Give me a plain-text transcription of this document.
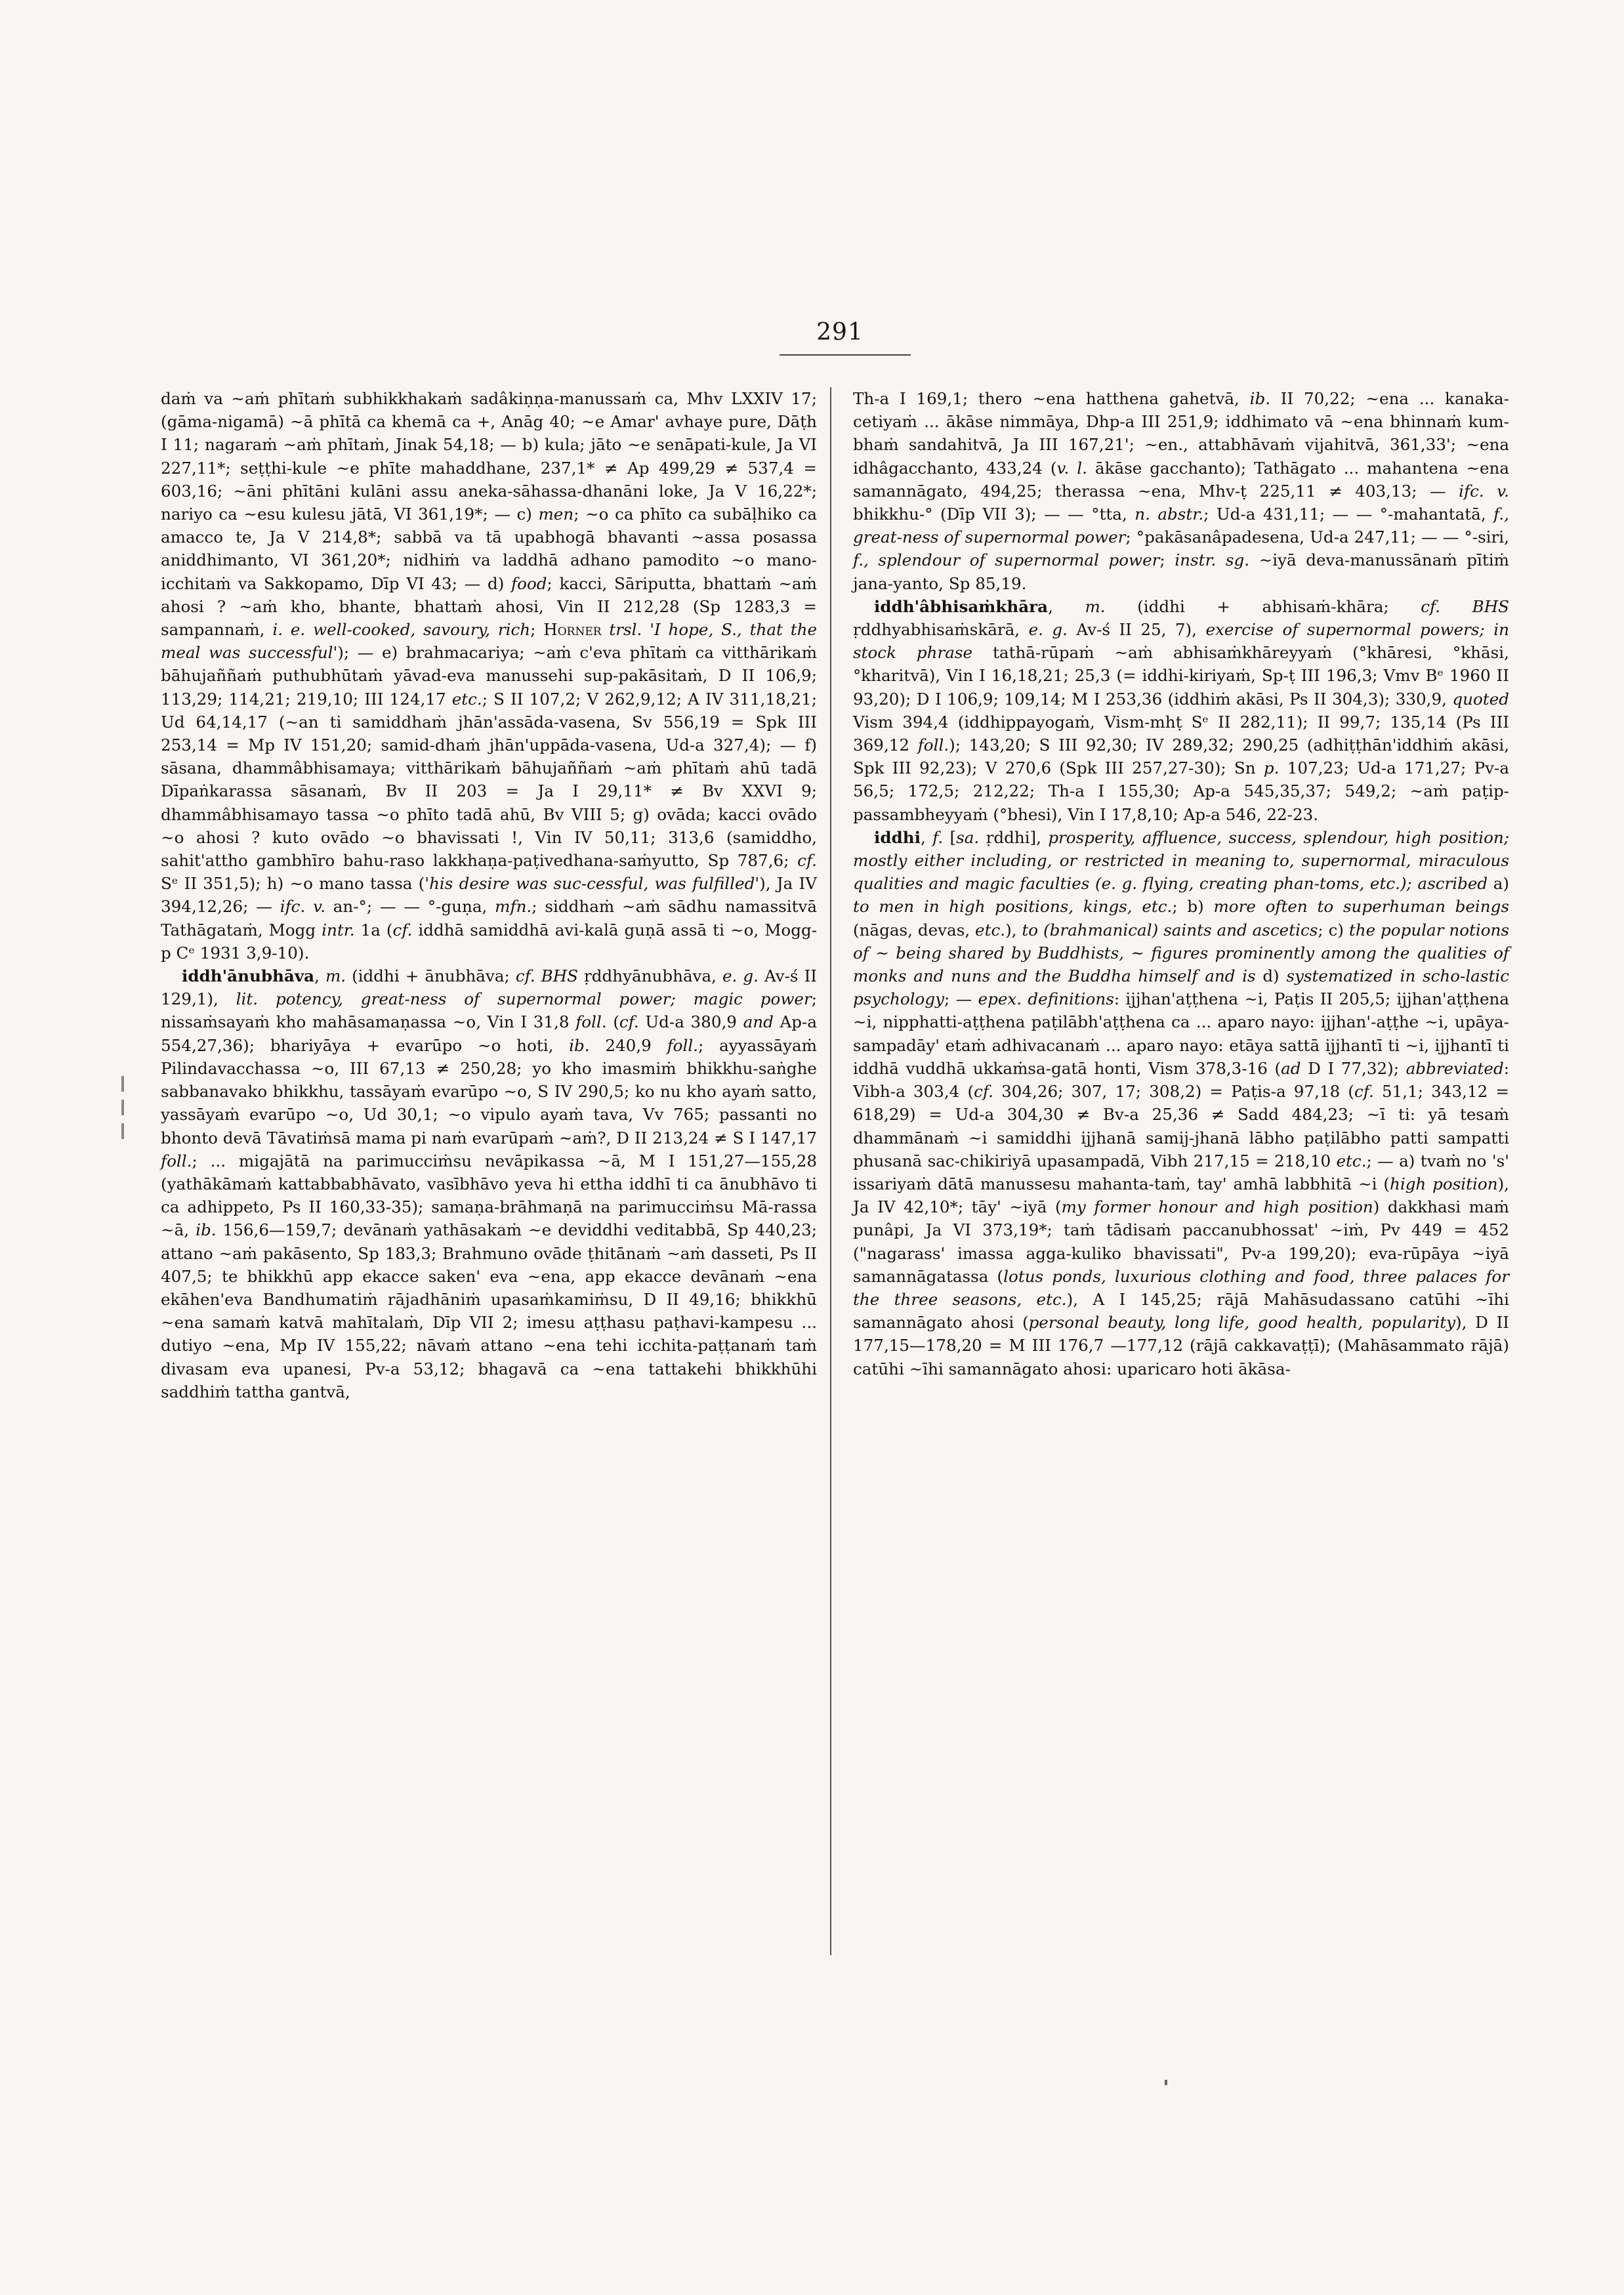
291

daṁ va ~aṁ phītaṁ subhikkhakaṁ sadâkiṇṇa-manussaṁ ca, Mhv LXXIV 17; (gāma-nigamā) ~ā phītā ca khemā ca +, Anāg 40; ~e Amar' avhaye pure, Dāṭh I 11; nagaraṁ ~aṁ phītaṁ, Jinak 54,18; — b) kula; jāto ~e senāpati-kule, Ja VI 227,11*; seṭṭhi-kule ~e phīte mahaddhane, 237,1* ≠ Ap 499,29 ≠ 537,4 = 603,16; ~āni phītāni kulāni assu aneka-sāhassa-dhanāni loke, Ja V 16,22*; nariyo ca ~esu kulesu jātā, VI 361,19*; — c) men; ~o ca phīto ca subāḷhiko ca amacco te, Ja V 214,8*; sabbā va tā upabhogā bhavanti ~assa posassa aniddhimanto, VI 361,20*; nidhiṁ va laddhā adhano pamodito ~o mano-icchitaṁ va Sakkopamo, Dīp VI 43; — d) food; kacci, Sāriputta, bhattaṁ ~aṁ ahosi ? ~aṁ kho, bhante, bhattaṁ ahosi, Vin II 212,28 (Sp 1283,3 = sampannaṁ, i. e. well-cooked, savoury, rich; Horner trsl. 'I hope, S., that the meal was successful'); — e) brahmacariya; ~aṁ c'eva phītaṁ ca vitthārikaṁ bāhujaññaṁ puthubhūtaṁ yāvad-eva manussehi sup-pakāsitaṁ, D II 106,9; 113,29; 114,21; 219,10; III 124,17 etc.; S II 107,2; V 262,9,12; A IV 311,18,21; Ud 64,14,17 (~an ti samiddhaṁ jhān'assāda-vasena, Sv 556,19 = Spk III 253,14 = Mp IV 151,20; samid-dhaṁ jhān'uppāda-vasena, Ud-a 327,4); — f) sāsana, dhammâbhisamaya; vitthārikaṁ bāhujaññaṁ ~aṁ phītaṁ ahū tadā Dīpaṅkarassa sāsanaṁ, Bv II 203 = Ja I 29,11* ≠ Bv XXVI 9; dhammâbhisamayo tassa ~o phīto tadā ahū, Bv VIII 5; g) ovāda; kacci ovādo ~o ahosi ? kuto ovādo ~o bhavissati !, Vin IV 50,11; 313,6 (samiddho, sahit'attho gambhīro bahu-raso lakkhaṇa-paṭivedhana-saṁyutto, Sp 787,6; cf. Sᵉ II 351,5); h) ~o mano tassa ('his desire was suc-cessful, was fulfilled'), Ja IV 394,12,26; — ifc. v. an-°; — — °-guṇa, mfn.; siddhaṁ ~aṁ sādhu namassitvā Tathāgataṁ, Mogg intr. 1a (cf. iddhā samiddhā avi-kalā guṇā assā ti ~o, Mogg-p Cᵉ 1931 3,9-10).

iddh'ānubhāva, m. (iddhi + ānubhāva; cf. BHS ṛddhyānubhāva, e. g. Av-ś II 129,1), lit. potency, great-ness of supernormal power; magic power; nissaṁsayaṁ kho mahāsamaṇassa ~o, Vin I 31,8 foll. (cf. Ud-a 380,9 and Ap-a 554,27,36); bhariyāya + evarūpo ~o hoti, ib. 240,9 foll.; ayyassāyaṁ Pilindavacchassa ~o, III 67,13 ≠ 250,28; yo kho imasmiṁ bhikkhu-saṅghe sabbanavako bhikkhu, tassāyaṁ evarūpo ~o, S IV 290,5; ko nu kho ayaṁ satto, yassāyaṁ evarūpo ~o, Ud 30,1; ~o vipulo ayaṁ tava, Vv 765; passanti no bhonto devā Tāvatiṁsā mama pi naṁ evarūpaṁ ~aṁ?, D II 213,24 ≠ S I 147,17 foll.; ... migajātā na parimucciṁsu nevāpikassa ~ā, M I 151,27—155,28 (yathākāmaṁ kattabbabhāvato, vasībhāvo yeva hi ettha iddhī ti ca ānubhāvo ti ca adhippeto, Ps II 160,33-35); samaṇa-brāhmaṇā na parimucciṁsu Mā-rassa ~ā, ib. 156,6—159,7; devānaṁ yathāsakaṁ ~e deviddhi veditabbā, Sp 440,23; attano ~aṁ pakāsento, Sp 183,3; Brahmuno ovāde ṭhitānaṁ ~aṁ dasseti, Ps II 407,5; te bhikkhū app ekacce saken' eva ~ena, app ekacce devānaṁ ~ena ekāhen'eva Bandhumatiṁ rājadhāniṁ upasaṁkamiṁsu, D II 49,16; bhikkhū ~ena samaṁ katvā mahītalaṁ, Dīp VII 2; imesu aṭṭhasu paṭhavi-kampesu ... dutiyo ~ena, Mp IV 155,22; nāvaṁ attano ~ena tehi icchita-paṭṭanaṁ taṁ divasam eva upanesi, Pv-a 53,12; bhagavā ca ~ena tattakehi bhikkhūhi saddhiṁ tattha gantvā,

Th-a I 169,1; thero ~ena hatthena gahetvā, ib. II 70,22; ~ena ... kanaka-cetiyaṁ ... ākāse nimmāya, Dhp-a III 251,9; iddhimato vā ~ena bhinnaṁ kum-bhaṁ sandahitvā, Ja III 167,21'; ~en., attabhāvaṁ vijahitvā, 361,33'; ~ena idhâgacchanto, 433,24 (v. l. ākāse gacchanto); Tathāgato ... mahantena ~ena samannāgato, 494,25; therassa ~ena, Mhv-ṭ 225,11 ≠ 403,13; — ifc. v. bhikkhu-° (Dīp VII 3); — — °tta, n. abstr.; Ud-a 431,11; — — °-mahantatā, f., great-ness of supernormal power; °pakāsanâpadesena, Ud-a 247,11; — — °-siri, f., splendour of supernormal power; instr. sg. ~iyā deva-manussānaṁ pītiṁ jana-yanto, Sp 85,19.

iddh'âbhisaṁkhāra, m. (iddhi + abhisaṁ-khāra; cf. BHS ṛddhyabhisaṁskārā, e. g. Av-ś II 25, 7), exercise of supernormal powers; in stock phrase tathā-rūpaṁ ~aṁ abhisaṁkhāreyyaṁ (°khāresi, °khāsi, °kharitvā), Vin I 16,18,21; 25,3 (= iddhi-kiriyaṁ, Sp-ṭ III 196,3; Vmv Bᵉ 1960 II 93,20); D I 106,9; 109,14; M I 253,36 (iddhiṁ akāsi, Ps II 304,3); 330,9, quoted Vism 394,4 (iddhippayogaṁ, Vism-mhṭ Sᵉ II 282,11); II 99,7; 135,14 (Ps III 369,12 foll.); 143,20; S III 92,30; IV 289,32; 290,25 (adhiṭṭhān'iddhiṁ akāsi, Spk III 92,23); V 270,6 (Spk III 257,27-30); Sn p. 107,23; Ud-a 171,27; Pv-a 56,5; 172,5; 212,22; Th-a I 155,30; Ap-a 545,35,37; 549,2; ~aṁ paṭip-passambheyyaṁ (°bhesi), Vin I 17,8,10; Ap-a 546, 22-23.

iddhi, f. [sa. ṛddhi], prosperity, affluence, success, splendour, high position; mostly either including, or restricted in meaning to, supernormal, miraculous qualities and magic faculties (e. g. flying, creating phan-toms, etc.); ascribed a) to men in high positions, kings, etc.; b) more often to superhuman beings (nāgas, devas, etc.), to (brahmanical) saints and ascetics; c) the popular notions of ~ being shared by Buddhists, ~ figures prominently among the qualities of monks and nuns and the Buddha himself and is d) systematized in scho-lastic psychology; — epex. definitions: ijjhan'aṭṭhena ~i, Paṭis II 205,5; ijjhan'aṭṭhena ~i, nipphatti-aṭṭhena paṭilābh'aṭṭhena ca ... aparo nayo: ijjhan'-aṭṭhe ~i, upāya-sampadāy' etaṁ adhivacanaṁ ... aparo nayo: etāya sattā ijjhantī ti ~i, ijjhantī ti iddhā vuddhā ukkaṁsa-gatā honti, Vism 378,3-16 (ad D I 77,32); abbreviated: Vibh-a 303,4 (cf. 304,26; 307, 17; 308,2) = Paṭis-a 97,18 (cf. 51,1; 343,12 = 618,29) = Ud-a 304,30 ≠ Bv-a 25,36 ≠ Sadd 484,23; ~ī ti: yā tesaṁ dhammānaṁ ~i samiddhi ijjhanā samij-jhanā lābho paṭilābho patti sampatti phusanā sac-chikiriyā upasampadā, Vibh 217,15 = 218,10 etc.; — a) tvaṁ no 's' issariyaṁ dātā manussesu mahanta-taṁ, tay' amhā labbhitā ~i (high position), Ja IV 42,10*; tāy' ~iyā (my former honour and high position) dakkhasi maṁ punâpi, Ja VI 373,19*; taṁ tādisaṁ paccanubhossat' ~iṁ, Pv 449 = 452 ("nagarass' imassa agga-kuliko bhavissati", Pv-a 199,20); eva-rūpāya ~iyā samannāgatassa (lotus ponds, luxurious clothing and food, three palaces for the three seasons, etc.), A I 145,25; rājā Mahāsudassano catūhi ~īhi samannāgato ahosi (personal beauty, long life, good health, popularity), D II 177,15—178,20 = M III 176,7 —177,12 (rājā cakkavaṭṭī); (Mahāsammato rājā) catūhi ~īhi samannāgato ahosi: uparicaro hoti ākāsa-
